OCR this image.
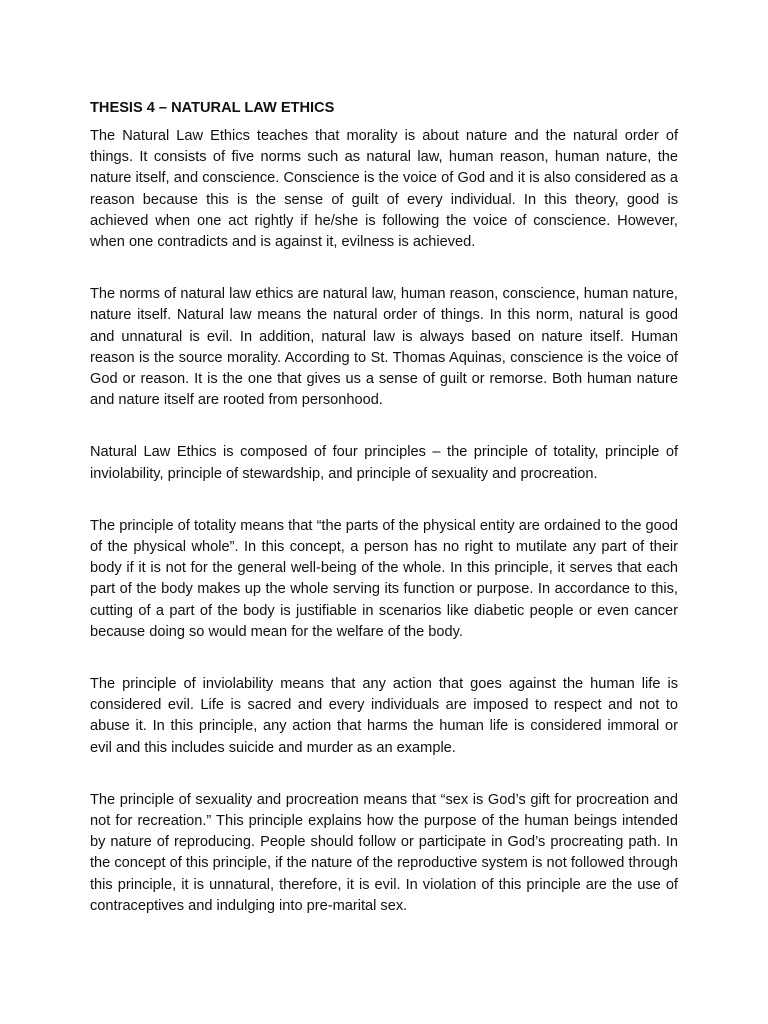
THESIS 4 – NATURAL LAW ETHICS

The Natural Law Ethics teaches that morality is about nature and the natural order of things. It consists of five norms such as natural law, human reason, human nature, the nature itself, and conscience. Conscience is the voice of God and it is also considered as a reason because this is the sense of guilt of every individual. In this theory, good is achieved when one act rightly if he/she is following the voice of conscience. However, when one contradicts and is against it, evilness is achieved.

The norms of natural law ethics are natural law, human reason, conscience, human nature, nature itself. Natural law means the natural order of things. In this norm, natural is good and unnatural is evil. In addition, natural law is always based on nature itself. Human reason is the source morality. According to St. Thomas Aquinas, conscience is the voice of God or reason. It is the one that gives us a sense of guilt or remorse. Both human nature and nature itself are rooted from personhood.

Natural Law Ethics is composed of four principles – the principle of totality, principle of inviolability, principle of stewardship, and principle of sexuality and procreation.

The principle of totality means that “the parts of the physical entity are ordained to the good of the physical whole”. In this concept, a person has no right to mutilate any part of their body if it is not for the general well-being of the whole. In this principle, it serves that each part of the body makes up the whole serving its function or purpose. In accordance to this, cutting of a part of the body is justifiable in scenarios like diabetic people or even cancer because doing so would mean for the welfare of the body.

The principle of inviolability means that any action that goes against the human life is considered evil. Life is sacred and every individuals are imposed to respect and not to abuse it. In this principle, any action that harms the human life is considered immoral or evil and this includes suicide and murder as an example.

The principle of sexuality and procreation means that “sex is God’s gift for procreation and not for recreation.” This principle explains how the purpose of the human beings intended by nature of reproducing. People should follow or participate in God’s procreating path. In the concept of this principle, if the nature of the reproductive system is not followed through this principle, it is unnatural, therefore, it is evil. In violation of this principle are the use of contraceptives and indulging into pre-marital sex.
